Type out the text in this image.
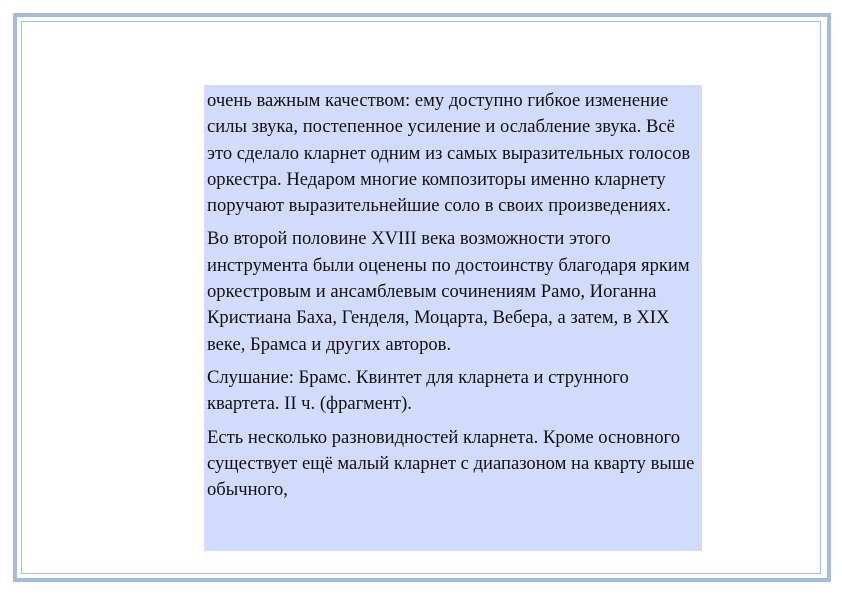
очень важным качеством: ему доступно гибкое изменение силы звука, постепенное усиление и ослабление звука. Всё это сделало кларнет одним из самых выразительных голосов оркестра. Недаром многие композиторы именно кларнету поручают выразительнейшие соло в своих произведениях.

Во второй половине XVIII века возможности этого инструмента были оценены по достоинству благодаря ярким оркестровым и ансамблевым сочинениям Рамо, Иоганна Кристиана Баха, Генделя, Моцарта, Вебера, а затем, в XIX веке, Брамса и других авторов.

Слушание: Брамс. Квинтет для кларнета и струнного квартета. II ч. (фрагмент).

Есть несколько разновидностей кларнета. Кроме основного существует ещё малый кларнет с диапазоном на кварту выше обычного,
